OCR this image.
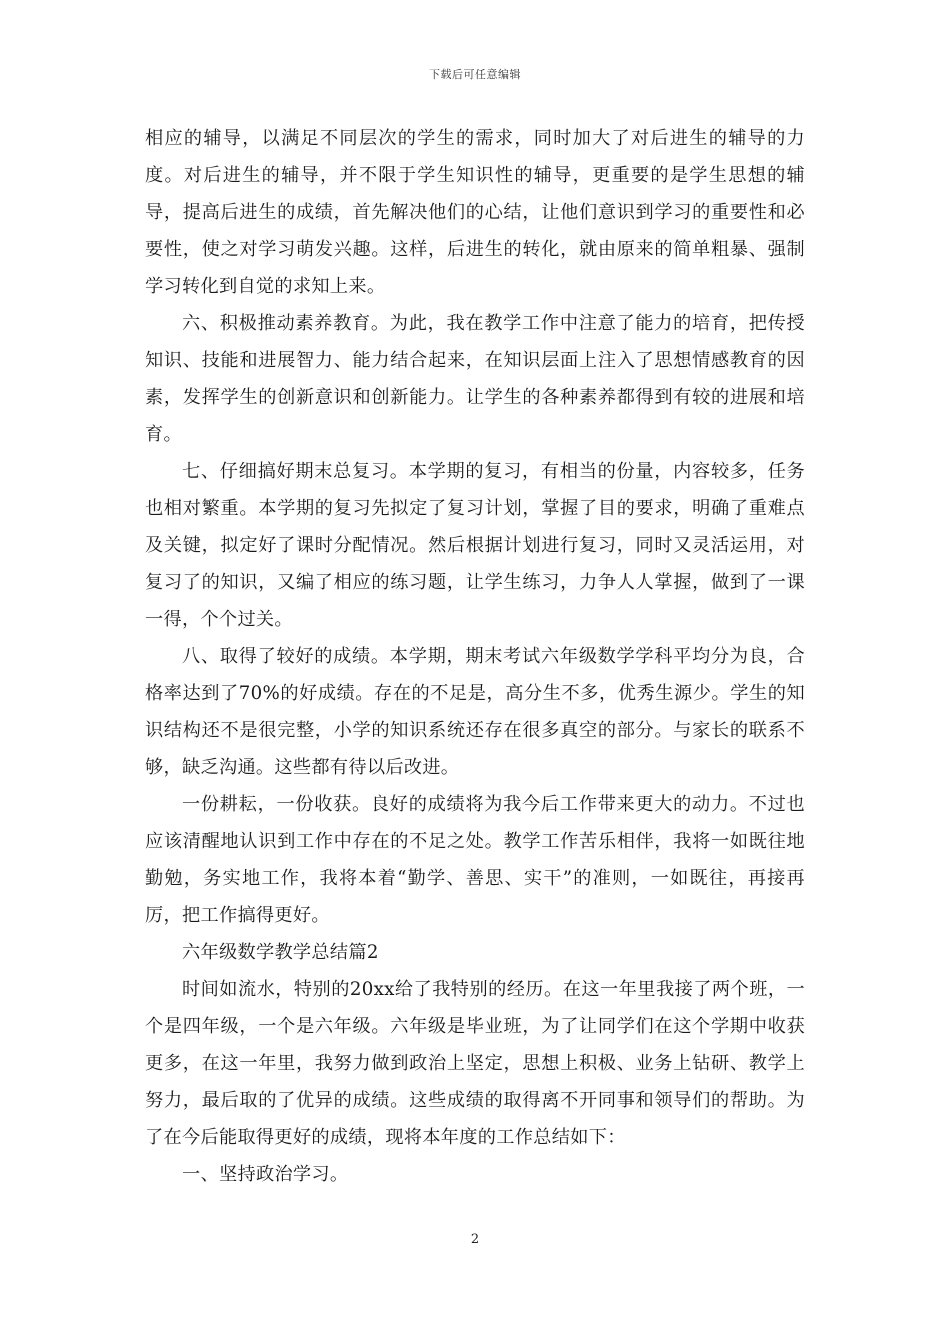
下载后可任意编辑

相应的辅导，以满足不同层次的学生的需求，同时加大了对后进生的辅导的力度。对后进生的辅导，并不限于学生知识性的辅导，更重要的是学生思想的辅导，提高后进生的成绩，首先解决他们的心结，让他们意识到学习的重要性和必要性，使之对学习萌发兴趣。这样，后进生的转化，就由原来的简单粗暴、强制学习转化到自觉的求知上来。

六、积极推动素养教育。为此，我在教学工作中注意了能力的培育，把传授知识、技能和进展智力、能力结合起来，在知识层面上注入了思想情感教育的因素，发挥学生的创新意识和创新能力。让学生的各种素养都得到有较的进展和培育。

七、仔细搞好期末总复习。本学期的复习，有相当的份量，内容较多，任务也相对繁重。本学期的复习先拟定了复习计划，掌握了目的要求，明确了重难点及关键，拟定好了课时分配情况。然后根据计划进行复习，同时又灵活运用，对复习了的知识，又编了相应的练习题，让学生练习，力争人人掌握，做到了一课一得，个个过关。

八、取得了较好的成绩。本学期，期末考试六年级数学学科平均分为良，合格率达到了70%的好成绩。存在的不足是，高分生不多，优秀生源少。学生的知识结构还不是很完整，小学的知识系统还存在很多真空的部分。与家长的联系不够，缺乏沟通。这些都有待以后改进。

一份耕耘，一份收获。良好的成绩将为我今后工作带来更大的动力。不过也应该清醒地认识到工作中存在的不足之处。教学工作苦乐相伴，我将一如既往地勤勉，务实地工作，我将本着“勤学、善思、实干”的准则，一如既往，再接再厉，把工作搞得更好。

六年级数学教学总结篇2

时间如流水，特别的20xx给了我特别的经历。在这一年里我接了两个班，一个是四年级，一个是六年级。六年级是毕业班，为了让同学们在这个学期中收获更多，在这一年里，我努力做到政治上坚定，思想上积极、业务上钻研、教学上努力，最后取的了优异的成绩。这些成绩的取得离不开同事和领导们的帮助。为了在今后能取得更好的成绩，现将本年度的工作总结如下：

一、坚持政治学习。

2
